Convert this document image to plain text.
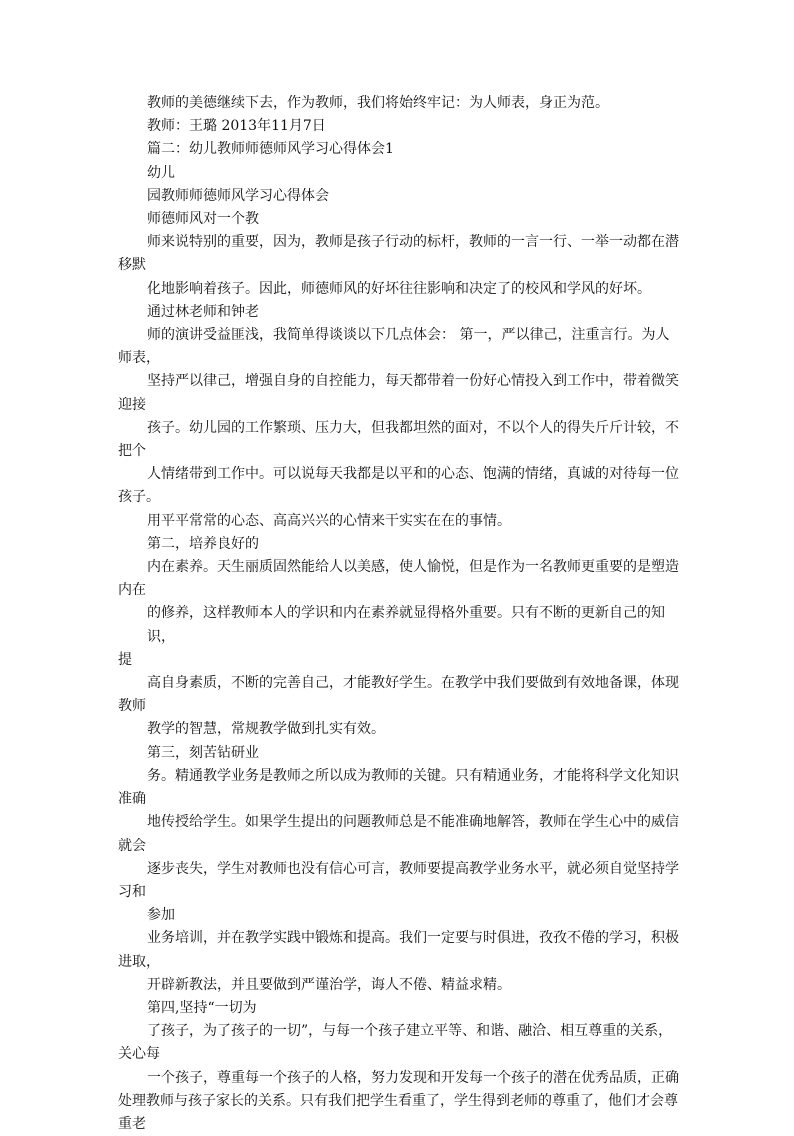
教师的美德继续下去，作为教师，我们将始终牢记：为人师表，身正为范。
教师：王璐 2013年11月7日
篇二：幼儿教师师德师风学习心得体会1
幼儿
园教师师德师风学习心得体会
师德师风对一个教
师来说特别的重要，因为，教师是孩子行动的标杆，教师的一言一行、一举一动都在潜
移默
化地影响着孩子。因此，师德师风的好坏往往影响和决定了的校风和学风的好坏。
通过林老师和钟老
师的演讲受益匪浅，我简单得谈谈以下几点体会： 第一，严以律己，注重言行。为人
师表，
坚持严以律己，增强自身的自控能力，每天都带着一份好心情投入到工作中，带着微笑
迎接
孩子。幼儿园的工作繁琐、压力大，但我都坦然的面对，不以个人的得失斤斤计较，不
把个
人情绪带到工作中。可以说每天我都是以平和的心态、饱满的情绪，真诚的对待每一位
孩子。
用平平常常的心态、高高兴兴的心情来干实实在在的事情。
第二，培养良好的
内在素养。天生丽质固然能给人以美感，使人愉悦，但是作为一名教师更重要的是塑造
内在
的修养，这样教师本人的学识和内在素养就显得格外重要。只有不断的更新自己的知识，
提
高自身素质，不断的完善自己，才能教好学生。在教学中我们要做到有效地备课，体现
教师
教学的智慧，常规教学做到扎实有效。
第三，刻苦钻研业
务。精通教学业务是教师之所以成为教师的关键。只有精通业务，才能将科学文化知识
准确
地传授给学生。如果学生提出的问题教师总是不能准确地解答，教师在学生心中的威信
就会
逐步丧失，学生对教师也没有信心可言，教师要提高教学业务水平，就必须自觉坚持学
习和
参加
业务培训，并在教学实践中锻炼和提高。我们一定要与时俱进，孜孜不倦的学习，积极
进取，
开辟新教法，并且要做到严谨治学，诲人不倦、精益求精。
第四,坚持“一切为
了孩子，为了孩子的一切”，与每一个孩子建立平等、和谐、融洽、相互尊重的关系，
关心每
一个孩子，尊重每一个孩子的人格，努力发现和开发每一个孩子的潜在优秀品质，正确
处理教师与孩子家长的关系。只有我们把学生看重了，学生得到老师的尊重了，他们才会尊
重老
